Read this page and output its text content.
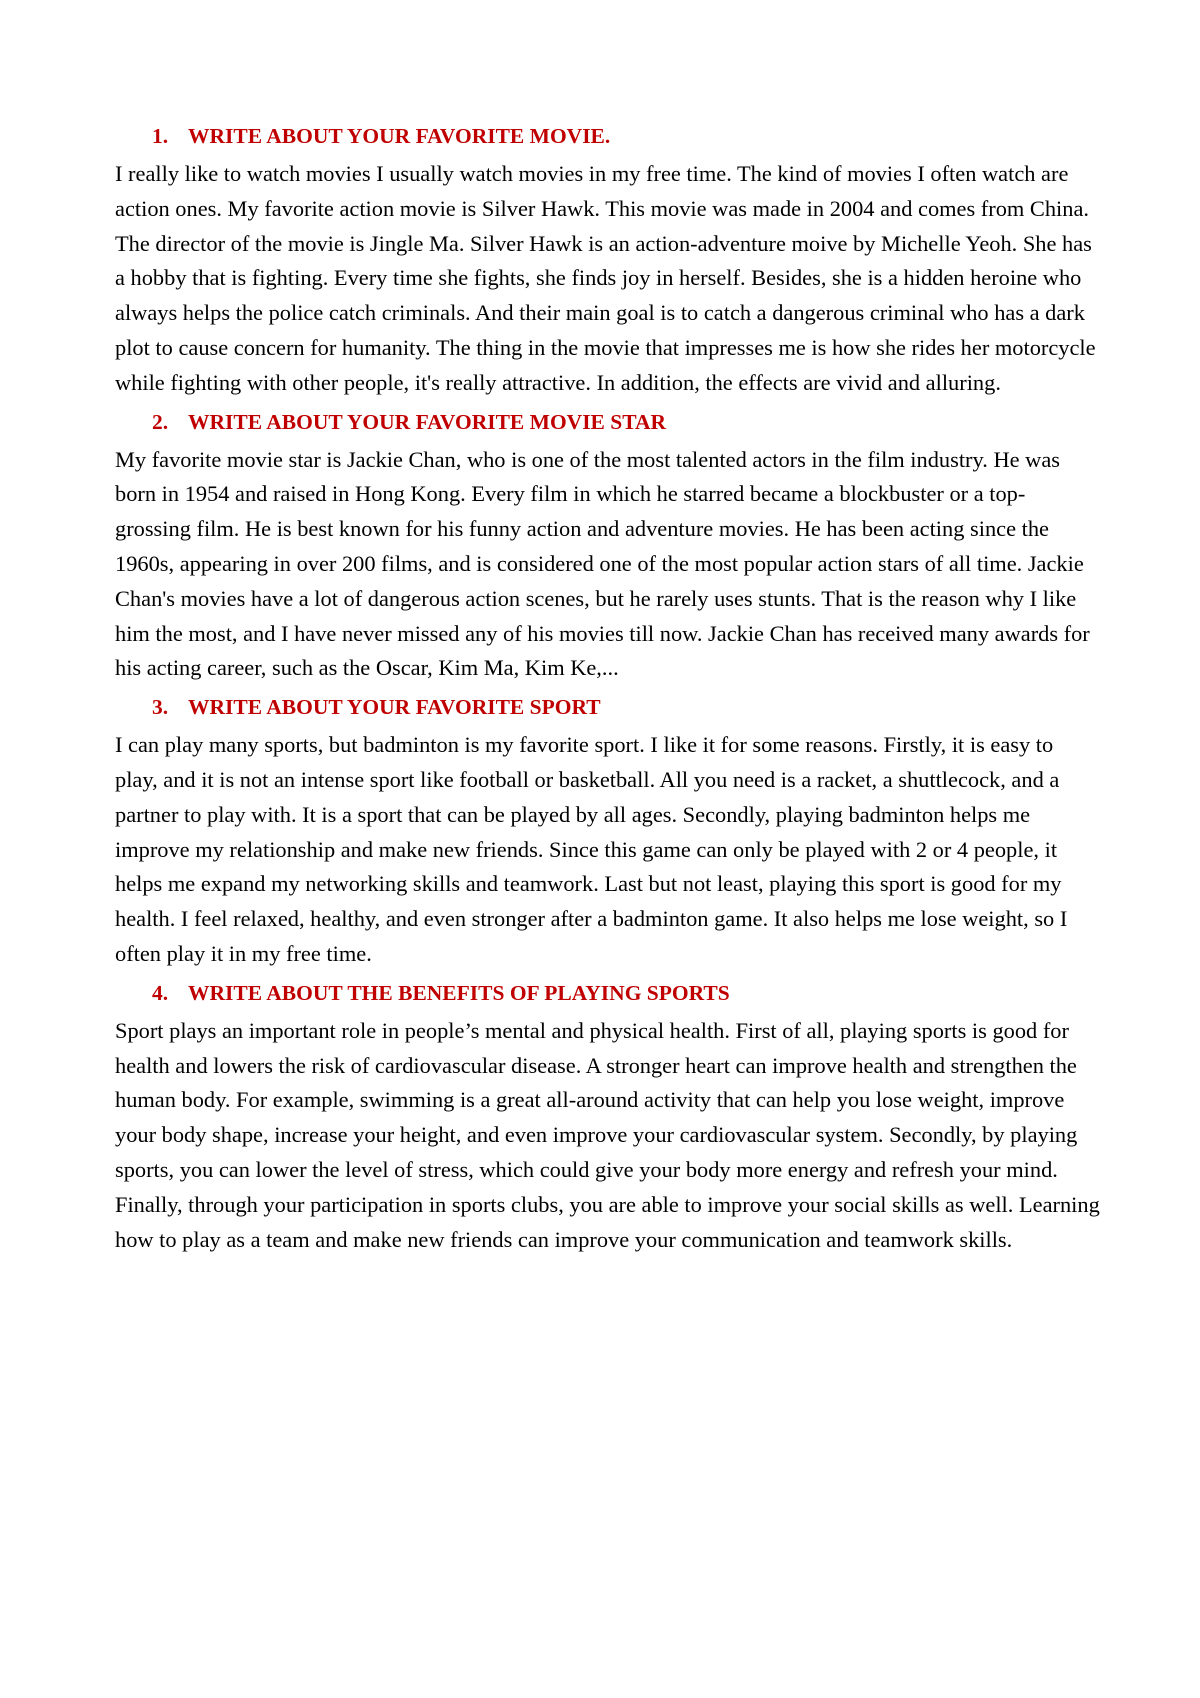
1. WRITE ABOUT YOUR FAVORITE MOVIE.

I really like to watch movies I usually watch movies in my free time. The kind of movies I often watch are action ones. My favorite action movie is Silver Hawk. This movie was made in 2004 and comes from China. The director of the movie is Jingle Ma. Silver Hawk is an action-adventure moive by Michelle Yeoh. She has a hobby that is fighting. Every time she fights, she finds joy in herself. Besides, she is a hidden heroine who always helps the police catch criminals. And their main goal is to catch a dangerous criminal who has a dark plot to cause concern for humanity. The thing in the movie that impresses me is how she rides her motorcycle while fighting with other people, it's really attractive. In addition, the effects are vivid and alluring.

2. WRITE ABOUT YOUR FAVORITE MOVIE STAR

My favorite movie star is Jackie Chan, who is one of the most talented actors in the film industry. He was born in 1954 and raised in Hong Kong. Every film in which he starred became a blockbuster or a top-grossing film. He is best known for his funny action and adventure movies. He has been acting since the 1960s, appearing in over 200 films, and is considered one of the most popular action stars of all time. Jackie Chan's movies have a lot of dangerous action scenes, but he rarely uses stunts. That is the reason why I like him the most, and I have never missed any of his movies till now. Jackie Chan has received many awards for his acting career, such as the Oscar, Kim Ma, Kim Ke,...

3. WRITE ABOUT YOUR FAVORITE SPORT

I can play many sports, but badminton is my favorite sport. I like it for some reasons. Firstly, it is easy to play, and it is not an intense sport like football or basketball. All you need is a racket, a shuttlecock, and a partner to play with. It is a sport that can be played by all ages. Secondly, playing badminton helps me improve my relationship and make new friends. Since this game can only be played with 2 or 4 people, it helps me expand my networking skills and teamwork. Last but not least, playing this sport is good for my health. I feel relaxed, healthy, and even stronger after a badminton game. It also helps me lose weight, so I often play it in my free time.

4. WRITE ABOUT THE BENEFITS OF PLAYING SPORTS

Sport plays an important role in people’s mental and physical health. First of all, playing sports is good for health and lowers the risk of cardiovascular disease. A stronger heart can improve health and strengthen the human body. For example, swimming is a great all-around activity that can help you lose weight, improve your body shape, increase your height, and even improve your cardiovascular system. Secondly, by playing sports, you can lower the level of stress, which could give your body more energy and refresh your mind. Finally, through your participation in sports clubs, you are able to improve your social skills as well. Learning how to play as a team and make new friends can improve your communication and teamwork skills.
